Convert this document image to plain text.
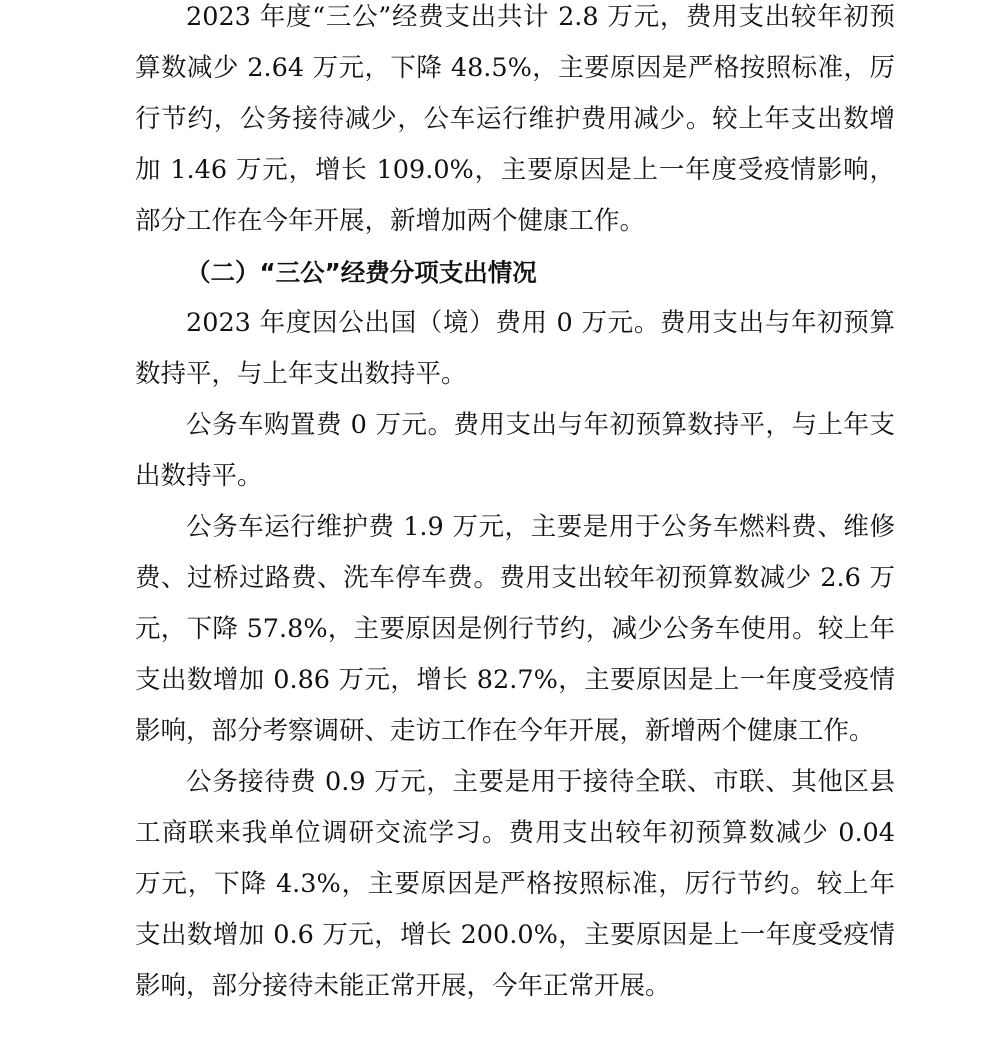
2023 年度“三公”经费支出共计 2.8 万元，费用支出较年初预算数减少 2.64 万元，下降 48.5%，主要原因是严格按照标准，厉行节约，公务接待减少，公车运行维护费用减少。较上年支出数增加 1.46 万元，增长 109.0%，主要原因是上一年度受疫情影响，部分工作在今年开展，新增加两个健康工作。

（二）“三公”经费分项支出情况

2023 年度因公出国（境）费用 0 万元。费用支出与年初预算数持平，与上年支出数持平。

公务车购置费 0 万元。费用支出与年初预算数持平，与上年支出数持平。

公务车运行维护费 1.9 万元，主要是用于公务车燃料费、维修费、过桥过路费、洗车停车费。费用支出较年初预算数减少 2.6 万元，下降 57.8%，主要原因是例行节约，减少公务车使用。较上年支出数增加 0.86 万元，增长 82.7%，主要原因是上一年度受疫情影响，部分考察调研、走访工作在今年开展，新增两个健康工作。

公务接待费 0.9 万元，主要是用于接待全联、市联、其他区县工商联来我单位调研交流学习。费用支出较年初预算数减少 0.04 万元，下降 4.3%，主要原因是严格按照标准，厉行节约。较上年支出数增加 0.6 万元，增长 200.0%，主要原因是上一年度受疫情影响，部分接待未能正常开展，今年正常开展。
